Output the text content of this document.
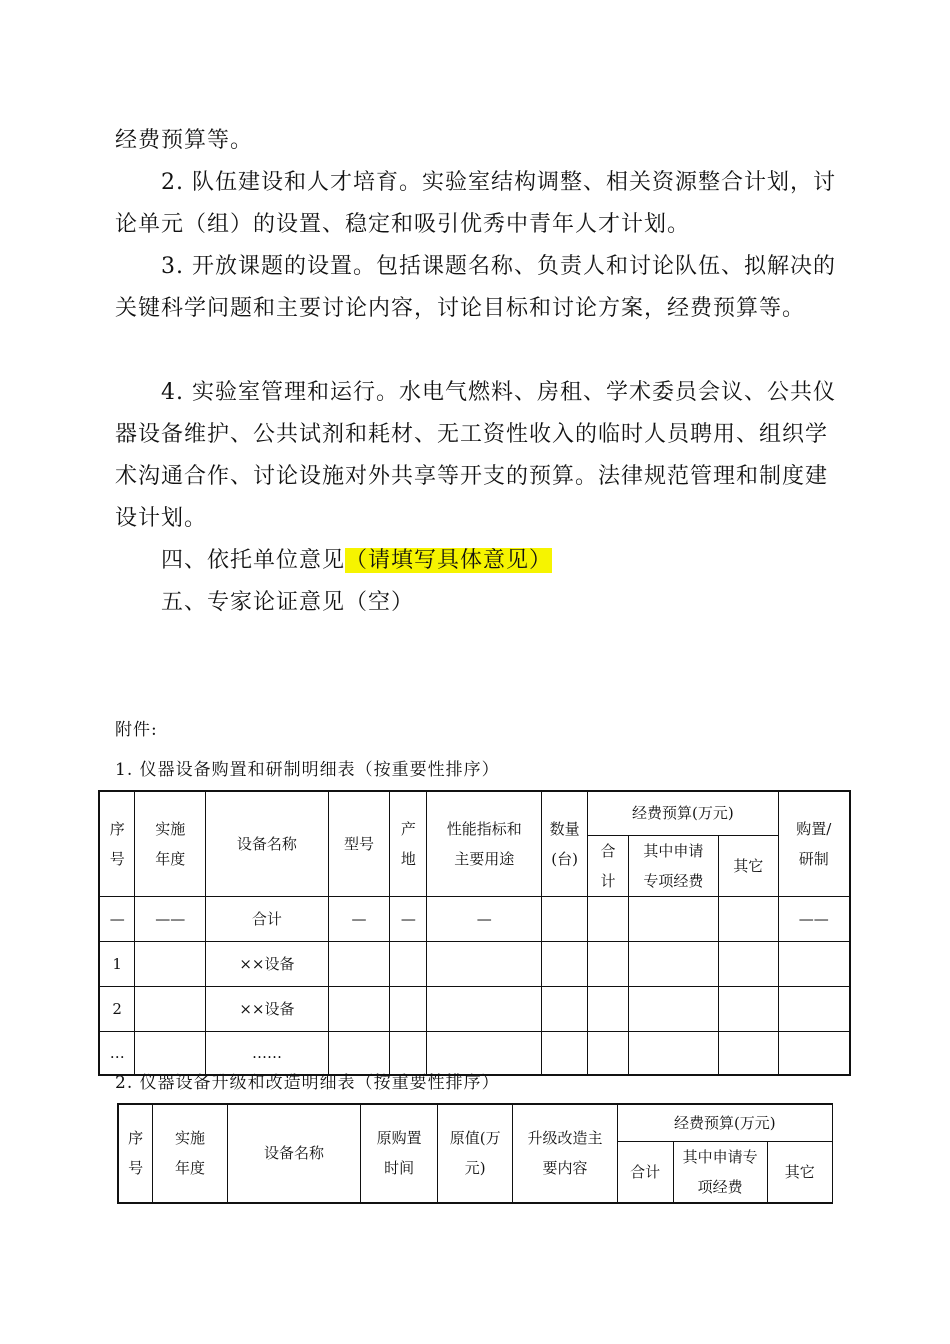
经费预算等。

2. 队伍建设和人才培育。实验室结构调整、相关资源整合计划，讨论单元（组）的设置、稳定和吸引优秀中青年人才计划。

3. 开放课题的设置。包括课题名称、负责人和讨论队伍、拟解决的关键科学问题和主要讨论内容，讨论目标和讨论方案，经费预算等。

4. 实验室管理和运行。水电气燃料、房租、学术委员会议、公共仪器设备维护、公共试剂和耗材、无工资性收入的临时人员聘用、组织学术沟通合作、讨论设施对外共享等开支的预算。法律规范管理和制度建设计划。

四、依托单位意见（请填写具体意见）

五、专家论证意见（空）

附件:

1. 仪器设备购置和研制明细表（按重要性排序）

序号	实施年度	设备名称	型号	产地	性能指标和主要用途	数量(台)	经费预算(万元)			购置/研制

							合计	其中申请专项经费	其它	
—	——	合计	—	—	—					——
1		××设备								
2		××设备								
…		……								

2. 仪器设备升级和改造明细表（按重要性排序）

序号	实施年度	设备名称	原购置时间	原值(万元)	升级改造主要内容	经费预算(万元)		
						合计	其中申请专项经费	其它
